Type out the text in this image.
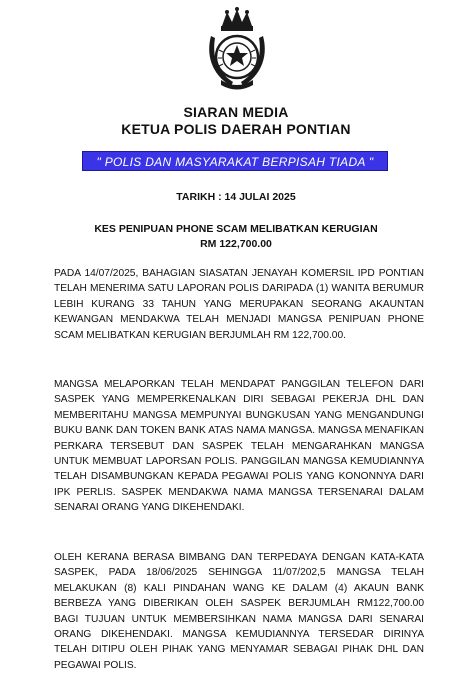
SIARAN MEDIA
KETUA POLIS DAERAH PONTIAN
" POLIS DAN MASYARAKAT BERPISAH TIADA "
TARIKH : 14 JULAI 2025
KES PENIPUAN PHONE SCAM MELIBATKAN KERUGIAN
RM 122,700.00
PADA 14/07/2025, BAHAGIAN SIASATAN JENAYAH KOMERSIL IPD PONTIAN TELAH MENERIMA SATU LAPORAN POLIS DARIPADA (1) WANITA BERUMUR LEBIH KURANG 33 TAHUN YANG MERUPAKAN SEORANG AKAUNTAN KEWANGAN MENDAKWA TELAH MENJADI MANGSA PENIPUAN PHONE SCAM MELIBATKAN KERUGIAN BERJUMLAH RM 122,700.00.
MANGSA MELAPORKAN TELAH MENDAPAT PANGGILAN TELEFON DARI SASPEK YANG MEMPERKENALKAN DIRI SEBAGAI PEKERJA DHL DAN MEMBERITAHU MANGSA MEMPUNYAI BUNGKUSAN YANG MENGANDUNGI BUKU BANK DAN TOKEN BANK ATAS NAMA MANGSA. MANGSA MENAFIKAN PERKARA TERSEBUT DAN SASPEK TELAH MENGARAHKAN MANGSA UNTUK MEMBUAT LAPORSAN POLIS. PANGGILAN MANGSA KEMUDIANNYA TELAH DISAMBUNGKAN KEPADA PEGAWAI POLIS YANG KONONNYA DARI IPK PERLIS. SASPEK MENDAKWA NAMA MANGSA TERSENARAI DALAM SENARAI ORANG YANG DIKEHENDAKI.
OLEH KERANA BERASA BIMBANG DAN TERPEDAYA DENGAN KATA-KATA SASPEK, PADA 18/06/2025 SEHINGGA 11/07/202,5 MANGSA TELAH MELAKUKAN (8) KALI PINDAHAN WANG KE DALAM (4) AKAUN BANK BERBEZA YANG DIBERIKAN OLEH SASPEK BERJUMLAH RM122,700.00 BAGI TUJUAN UNTUK MEMBERSIHKAN NAMA MANGSA DARI SENARAI ORANG DIKEHENDAKI. MANGSA KEMUDIANNYA TERSEDAR DIRINYA TELAH DITIPU OLEH PIHAK YANG MENYAMAR SEBAGAI PIHAK DHL DAN PEGAWAI POLIS.
